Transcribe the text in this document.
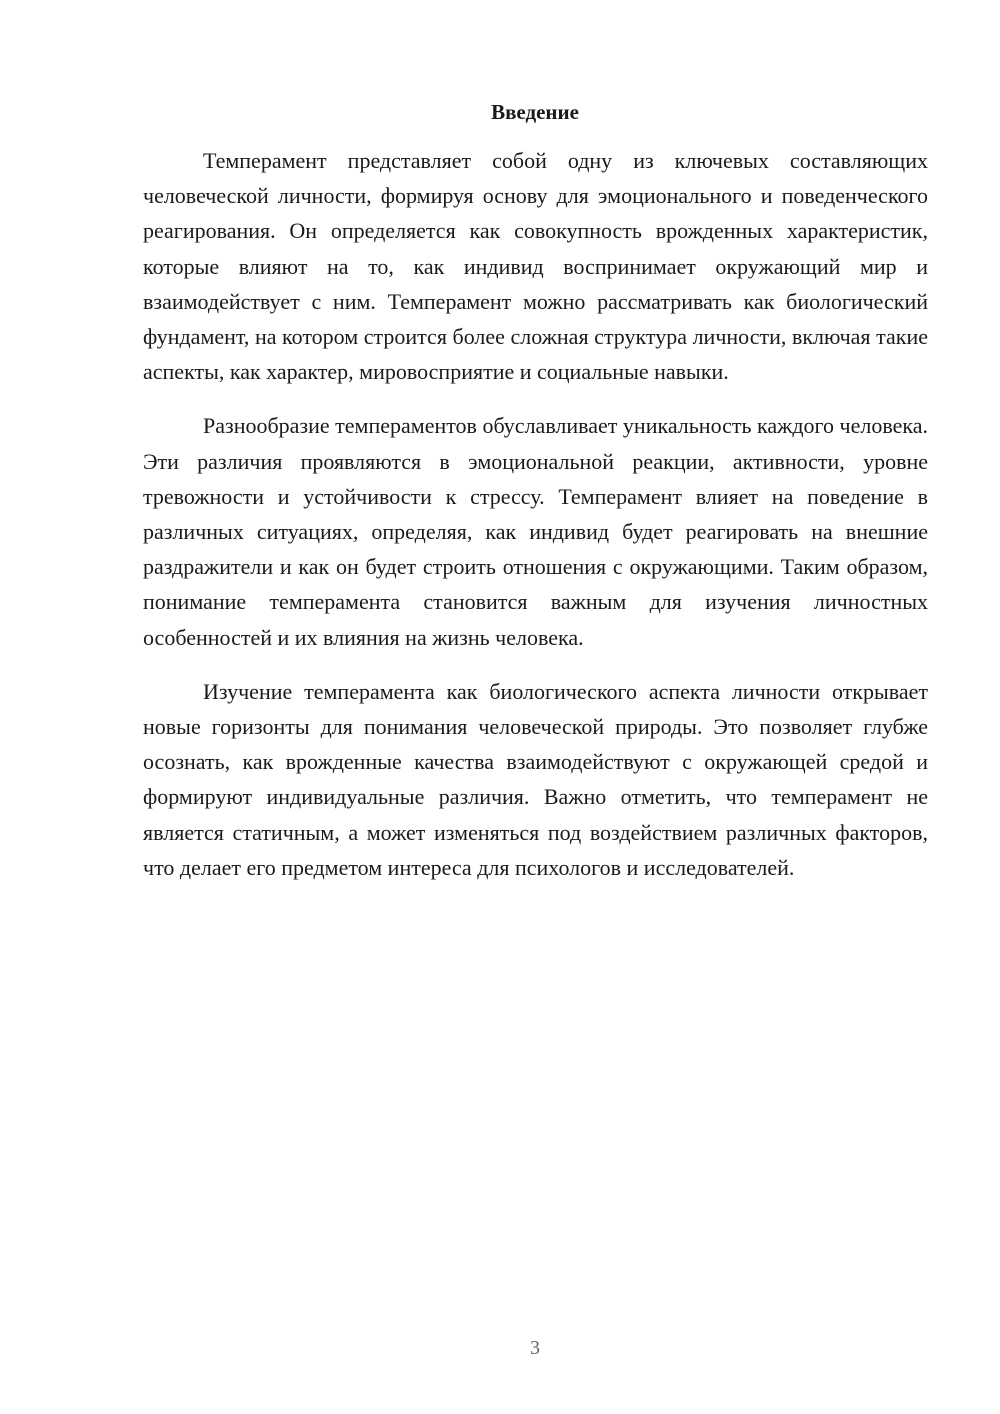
Введение

Темперамент представляет собой одну из ключевых составляющих человеческой личности, формируя основу для эмоционального и поведенческого реагирования. Он определяется как совокупность врожденных характеристик, которые влияют на то, как индивид воспринимает окружающий мир и взаимодействует с ним. Темперамент можно рассматривать как биологический фундамент, на котором строится более сложная структура личности, включая такие аспекты, как характер, мировосприятие и социальные навыки.

Разнообразие темпераментов обуславливает уникальность каждого человека. Эти различия проявляются в эмоциональной реакции, активности, уровне тревожности и устойчивости к стрессу. Темперамент влияет на поведение в различных ситуациях, определяя, как индивид будет реагировать на внешние раздражители и как он будет строить отношения с окружающими. Таким образом, понимание темперамента становится важным для изучения личностных особенностей и их влияния на жизнь человека.

Изучение темперамента как биологического аспекта личности открывает новые горизонты для понимания человеческой природы. Это позволяет глубже осознать, как врожденные качества взаимодействуют с окружающей средой и формируют индивидуальные различия. Важно отметить, что темперамент не является статичным, а может изменяться под воздействием различных факторов, что делает его предметом интереса для психологов и исследователей.

3
